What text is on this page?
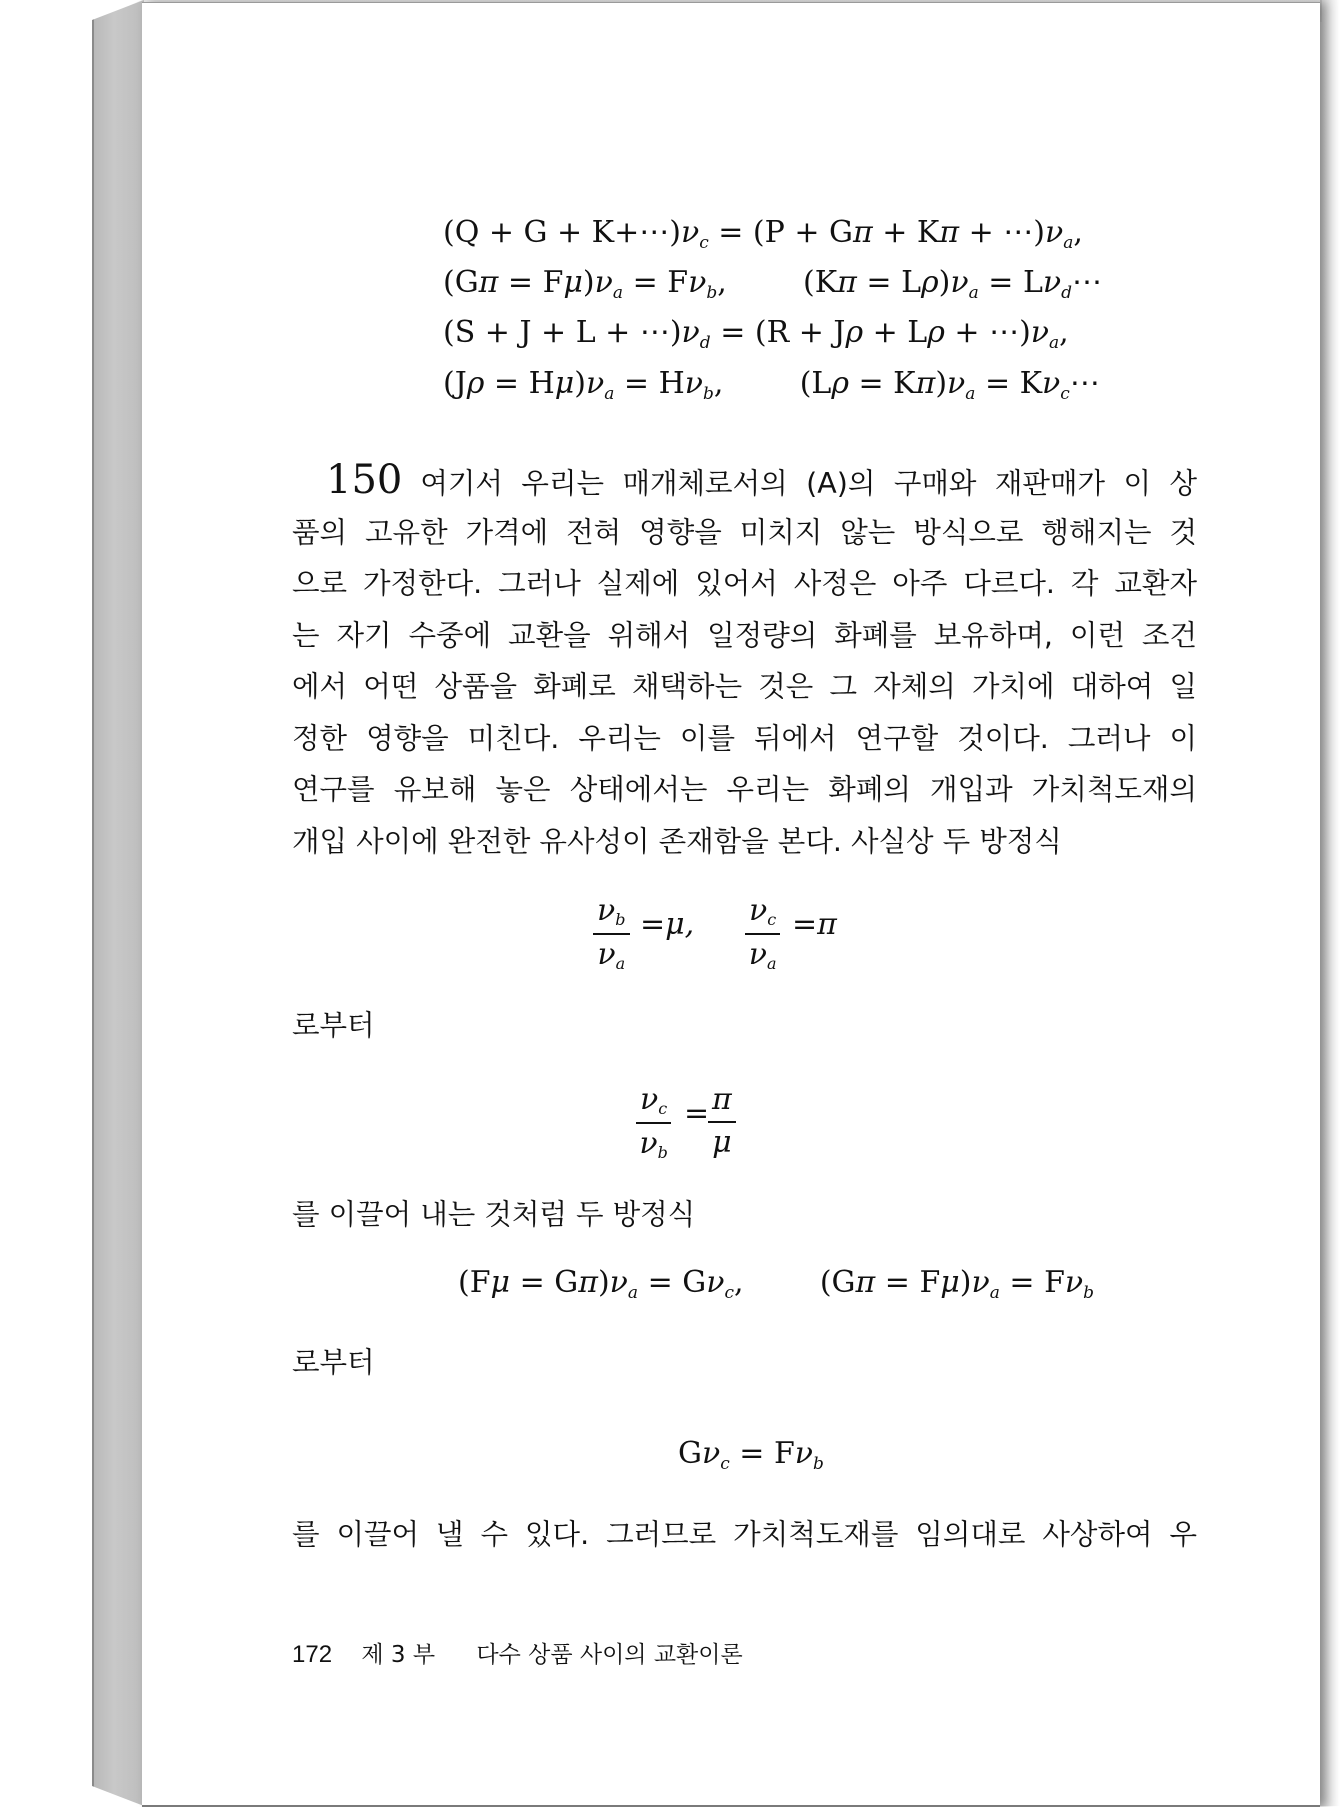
$(Q + G + K+\cdots)\nu_c = (P + G\pi + K\pi$ + $\cdots)\nu_a$,
$(G\pi = F\mu)\nu_a = F\nu_b$,        $(K\pi = L\rho)\nu_a$ = $L\nu_d\cdots$
$(S + J + L + \cdots)\nu_d = (R + J\rho + L\rho$ + $\cdots)\nu_a$,
$(J\rho = H\mu)\nu_a = H\nu_b$,        $(L\rho = K\pi)\nu_a$ = $K\nu_c\cdots$
150 여기서 우리는 매개체로서의 (A)의 구매와 재판매가 이 상
품의 고유한 가격에 전혀 영향을 미치지 않는 방식으로 행해지는 것
으로 가정한다. 그러나 실제에 있어서 사정은 아주 다르다. 각 교환자
는 자기 수중에 교환을 위해서 일정량의 화폐를 보유하며, 이런 조건
에서 어떤 상품을 화폐로 채택하는 것은 그 자체의 가치에 대하여 일
정한 영향을 미친다. 우리는 이를 뒤에서 연구할 것이다. 그러나 이
연구를 유보해 놓은 상태에서는 우리는 화폐의 개입과 가치척도재의
개입 사이에 완전한 유사성이 존재함을 본다. 사실상 두 방정식
$\frac{\nu b}{\nu a} =\mu$, $\frac{\nu c}{\nu a} =\pi$
로부터
$\frac{\nu c}{\nu b}$ =
$\frac{\pi}{\mu}$
를 이끌어 내는 것처럼 두 방정식
$(F\mu = G\pi)\nu_a = G\nu_c$,        $(G\pi = F\mu)\nu_a = F\nu_b$
로부터
$G\nu_c = F\nu_b$
를 이끌어 낼 수 있다. 그러므로 가치척도재를 임의대로 사상하여 우
172 제 3 부 다수 상품 사이의 교환이론
